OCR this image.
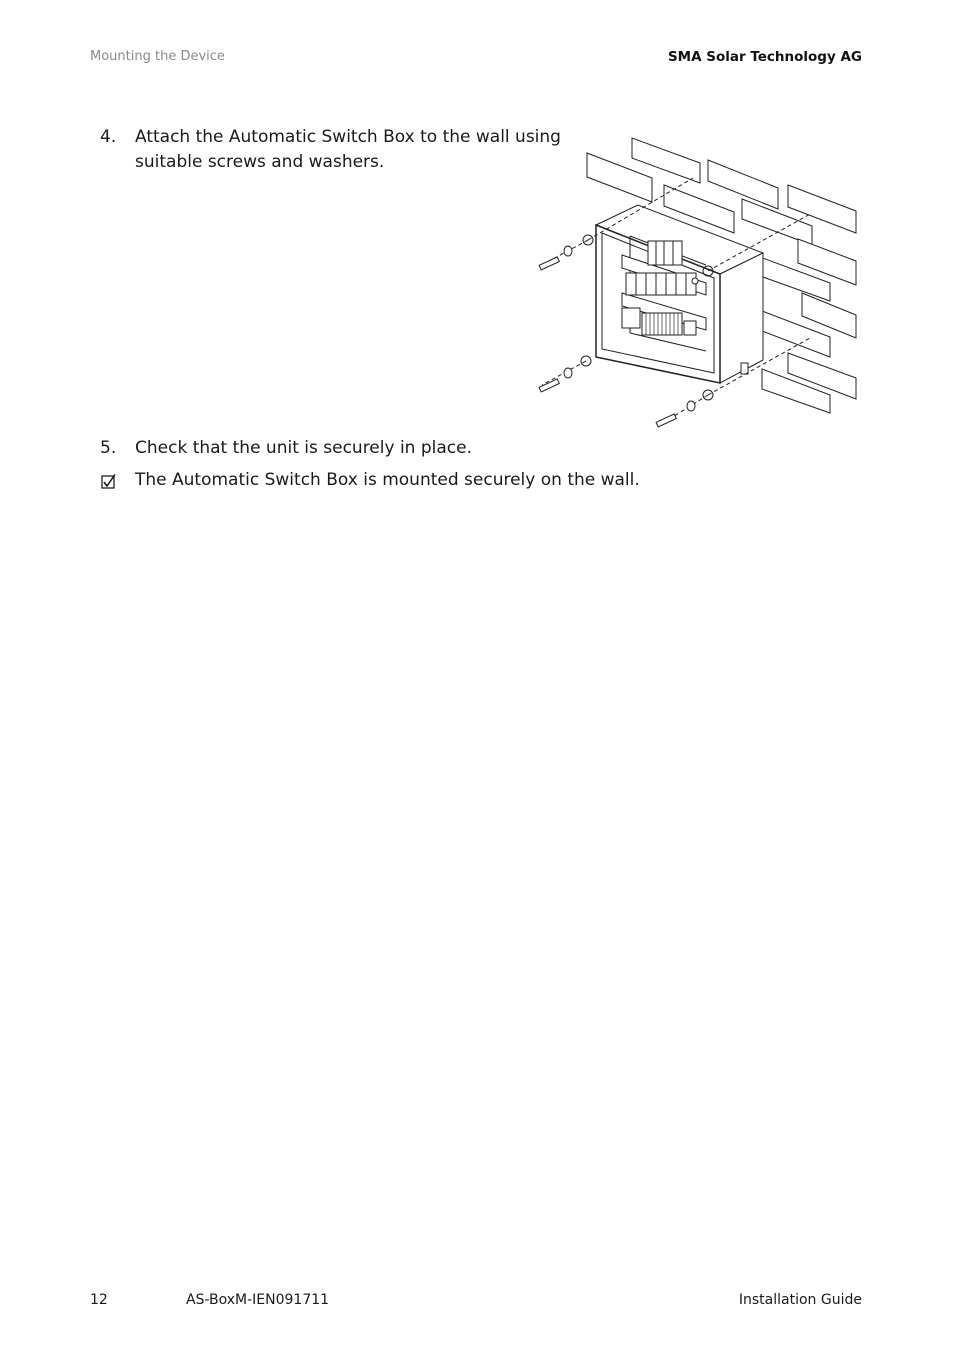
Mounting the Device	SMA Solar Technology AG
4. Attach the Automatic Switch Box to the wall using
suitable screws and washers.
5. Check that the unit is securely in place.
The Automatic Switch Box is mounted securely on the wall.
12	AS-BoxM-IEN091711	Installation Guide
